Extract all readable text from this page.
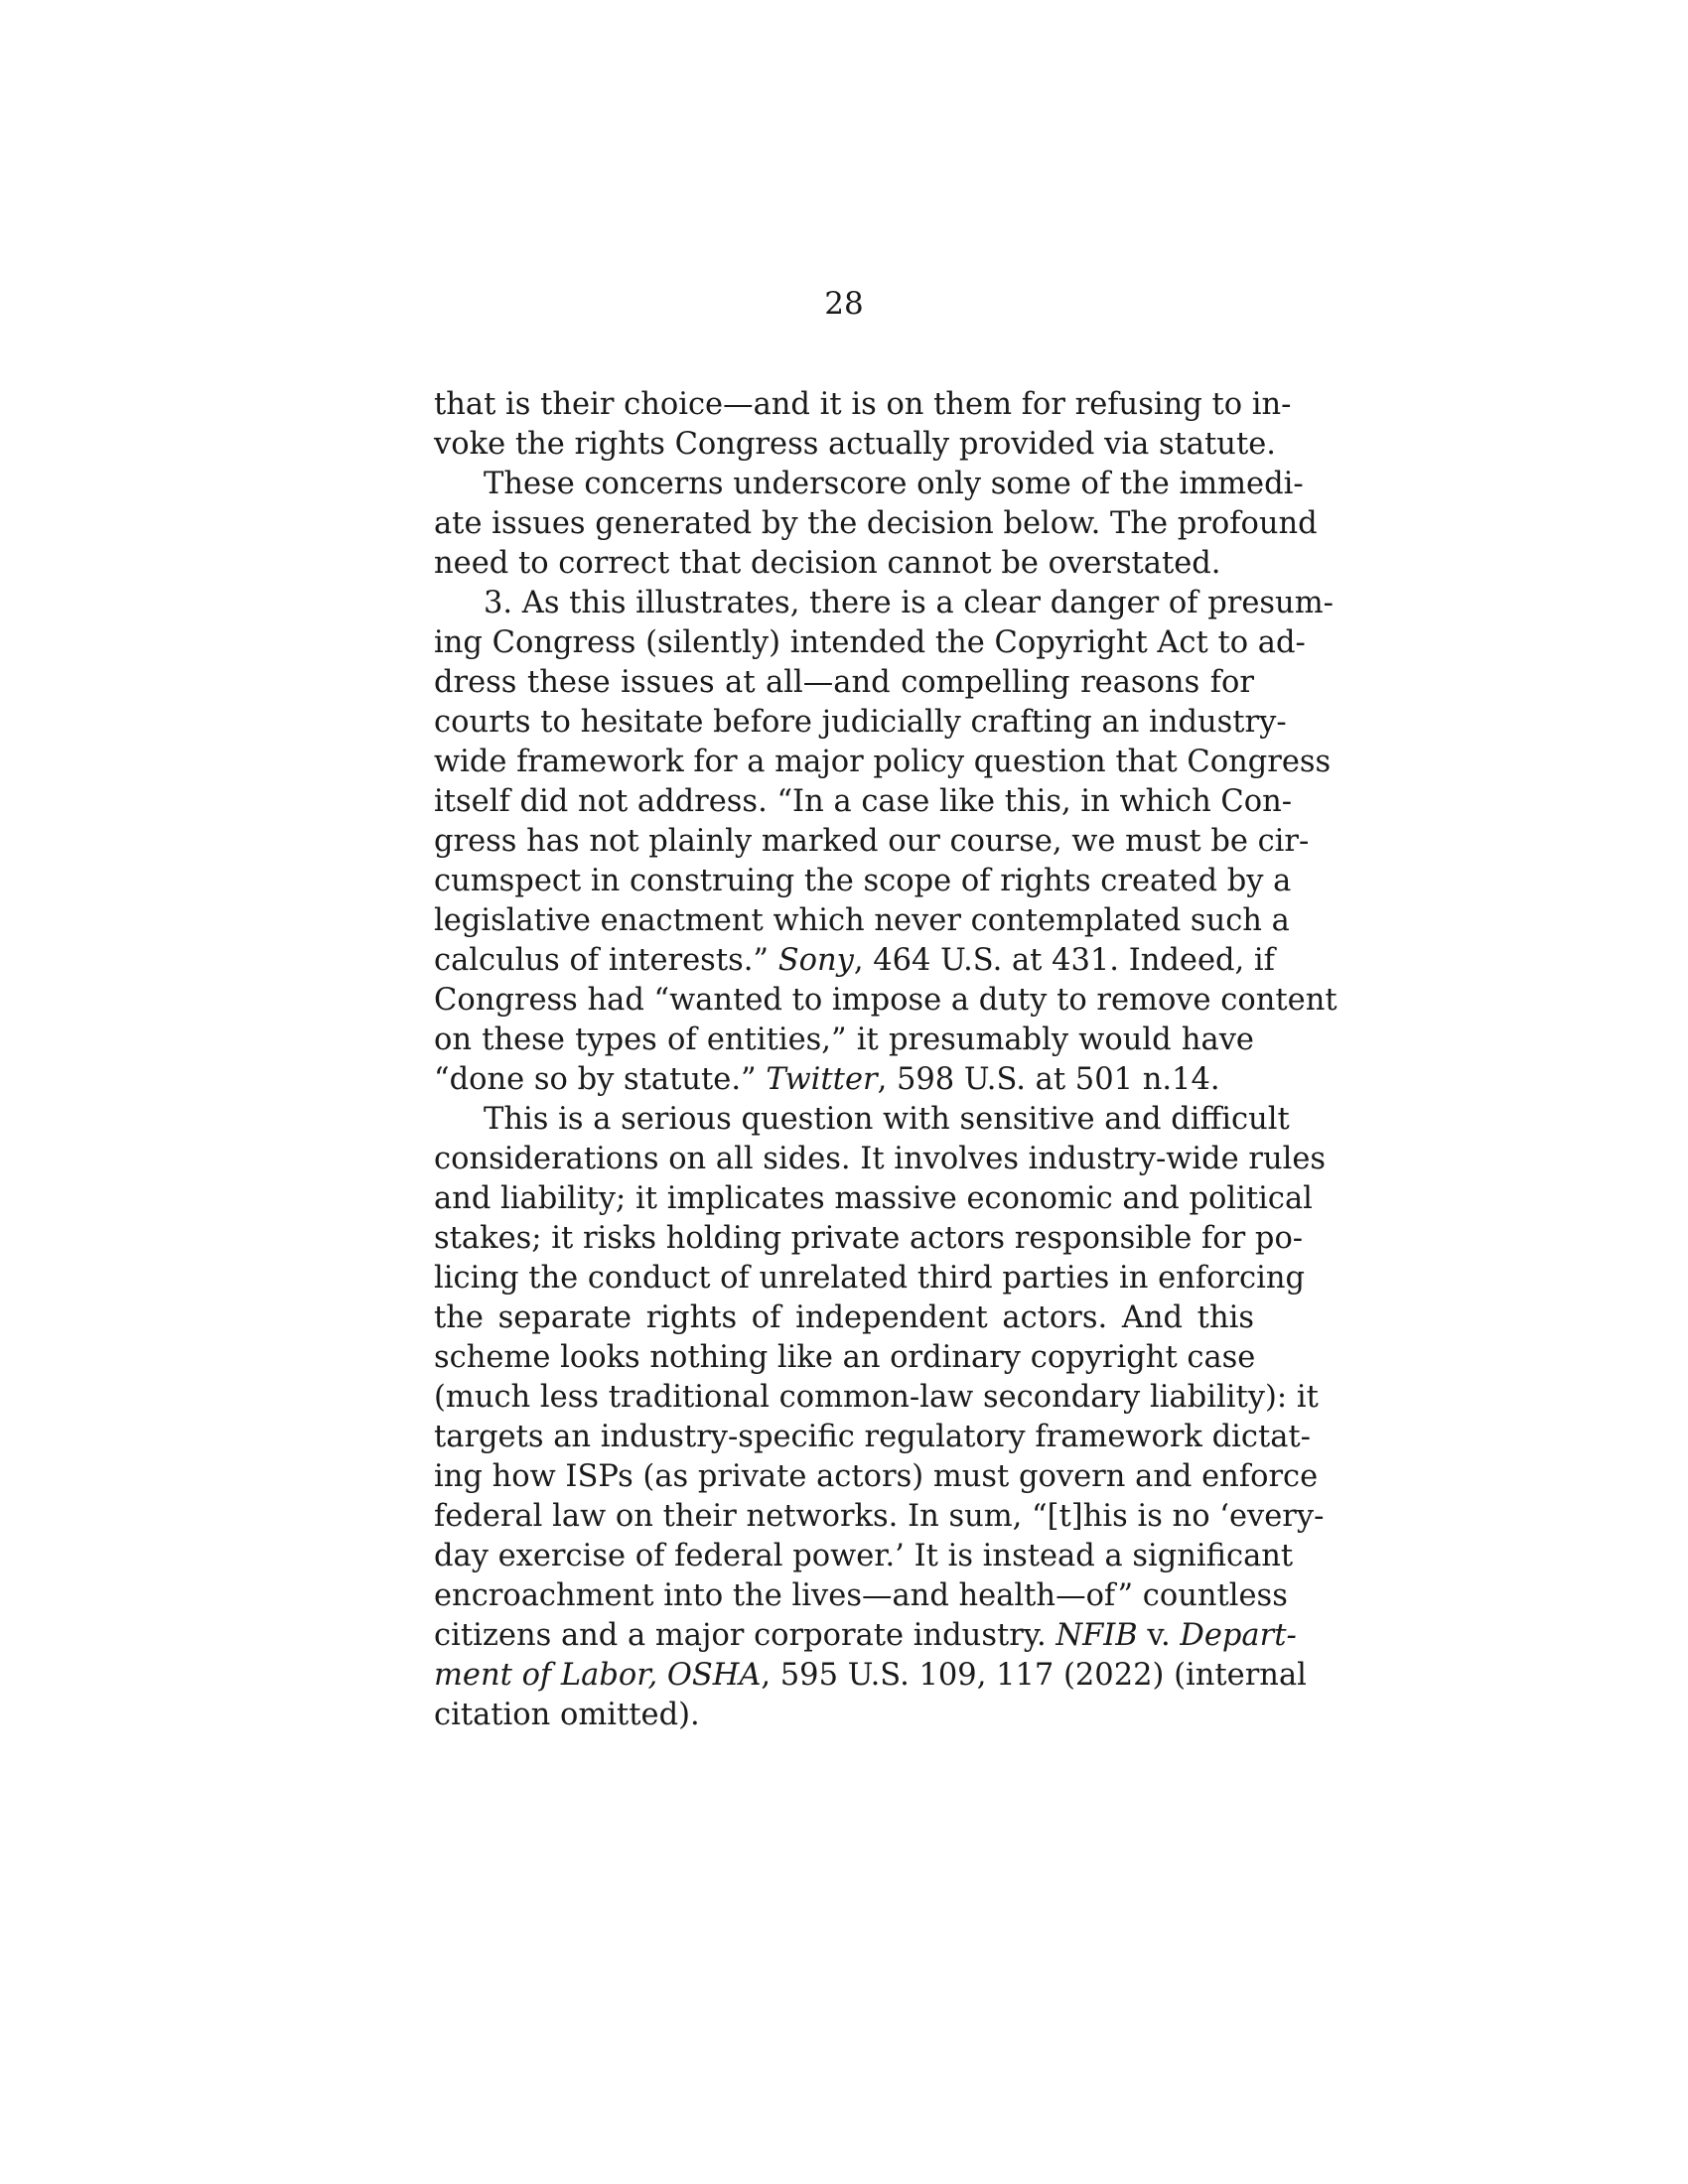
28
that is their choice—and it is on them for refusing to in-
voke the rights Congress actually provided via statute.
These concerns underscore only some of the immedi-
ate issues generated by the decision below. The profound
need to correct that decision cannot be overstated.
3. As this illustrates, there is a clear danger of presum-
ing Congress (silently) intended the Copyright Act to ad-
dress these issues at all—and compelling reasons for
courts to hesitate before judicially crafting an industry-
wide framework for a major policy question that Congress
itself did not address. “In a case like this, in which Con-
gress has not plainly marked our course, we must be cir-
cumspect in construing the scope of rights created by a
legislative enactment which never contemplated such a
calculus of interests.” Sony, 464 U.S. at 431. Indeed, if
Congress had “wanted to impose a duty to remove content
on these types of entities,” it presumably would have
“done so by statute.” Twitter, 598 U.S. at 501 n.14.
This is a serious question with sensitive and difficult
considerations on all sides. It involves industry-wide rules
and liability; it implicates massive economic and political
stakes; it risks holding private actors responsible for po-
licing the conduct of unrelated third parties in enforcing
the separate rights of independent actors. And this
scheme looks nothing like an ordinary copyright case
(much less traditional common-law secondary liability): it
targets an industry-specific regulatory framework dictat-
ing how ISPs (as private actors) must govern and enforce
federal law on their networks. In sum, “[t]his is no ‘every-
day exercise of federal power.’ It is instead a significant
encroachment into the lives—and health—of” countless
citizens and a major corporate industry. NFIB v. Depart-
ment of Labor, OSHA, 595 U.S. 109, 117 (2022) (internal
citation omitted).
